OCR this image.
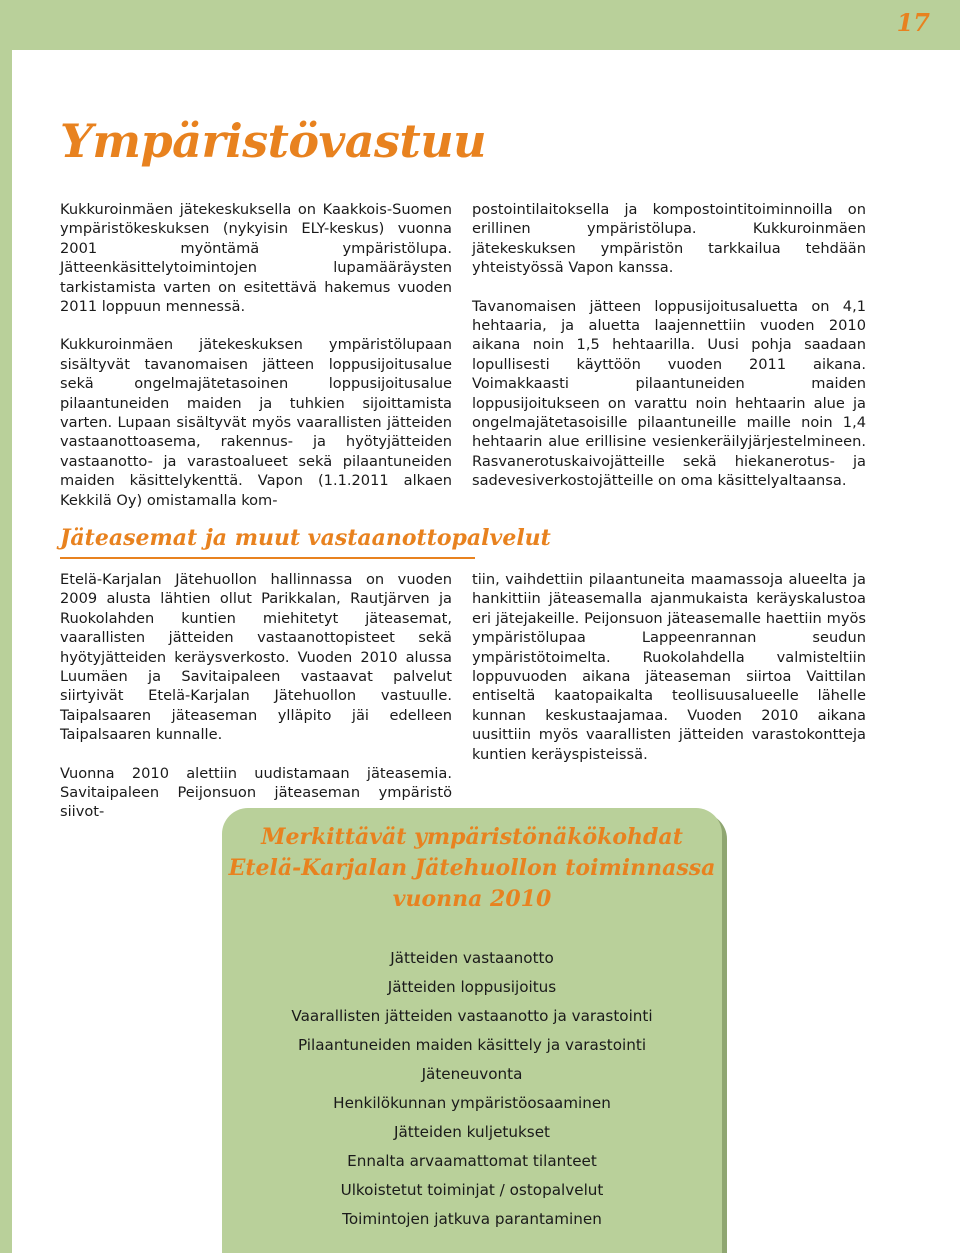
17
Ympäristövastuu

Kukkuroinmäen jätekeskuksella on Kaakkois-Suomen ympäristökeskuksen (nykyisin ELY-keskus) vuonna 2001 myöntämä ympäristölupa. Jätteenkäsittelytoimintojen lupamääräysten tarkistamista varten on esitettävä hakemus vuoden 2011 loppuun mennessä.

Kukkuroinmäen jätekeskuksen ympäristölupaan sisältyvät tavanomaisen jätteen loppusijoitusalue sekä ongelmajätetasoinen loppusijoitusalue pilaantuneiden maiden ja tuhkien sijoittamista varten. Lupaan sisältyvät myös vaarallisten jätteiden vastaanottoasema, rakennus- ja hyötyjätteiden vastaanotto- ja varastoalueet sekä pilaantuneiden maiden käsittelykenttä. Vapon (1.1.2011 alkaen Kekkilä Oy) omistamalla kom-

postointilaitoksella ja kompostointitoiminnoilla on erillinen ympäristölupa. Kukkuroinmäen jätekeskuksen ympäristön tarkkailua tehdään yhteistyössä Vapon kanssa.

Tavanomaisen jätteen loppusijoitusaluetta on 4,1 hehtaaria, ja aluetta laajennettiin vuoden 2010 aikana noin 1,5 hehtaarilla. Uusi pohja saadaan lopullisesti käyttöön vuoden 2011 aikana. Voimakkaasti pilaantuneiden maiden loppusijoitukseen on varattu noin hehtaarin alue ja ongelmajätetasoisille pilaantuneille maille noin 1,4 hehtaarin alue erillisine vesienkeräilyjärjestelmineen. Rasvanerotuskaivojätteille sekä hiekanerotus- ja sadevesiverkostojätteille on oma käsittelyaltaansa.

Jäteasemat ja muut vastaanottopalvelut

Etelä-Karjalan Jätehuollon hallinnassa on vuoden 2009 alusta lähtien ollut Parikkalan, Rautjärven ja Ruokolahden kuntien miehitetyt jäteasemat, vaarallisten jätteiden vastaanottopisteet sekä hyötyjätteiden keräysverkosto. Vuoden 2010 alussa Luumäen ja Savitaipaleen vastaavat palvelut siirtyivät Etelä-Karjalan Jätehuollon vastuulle. Taipalsaaren jäteaseman ylläpito jäi edelleen Taipalsaaren kunnalle.

Vuonna 2010 alettiin uudistamaan jäteasemia. Savitaipaleen Peijonsuon jäteaseman ympäristö siivot-

tiin, vaihdettiin pilaantuneita maamassoja alueelta ja hankittiin jäteasemalla ajanmukaista keräyskalustoa eri jätejakeille. Peijonsuon jäteasemalle haettiin myös ympäristölupaa Lappeenrannan seudun ympäristötoimelta. Ruokolahdella valmisteltiin loppuvuoden aikana jäteaseman siirtoa Vaittilan entiseltä kaatopaikalta teollisuusalueelle lähelle kunnan keskustaajamaa. Vuoden 2010 aikana uusittiin myös vaarallisten jätteiden varastokontteja kuntien keräyspisteissä.

Merkittävät ympäristönäkökohdat
Etelä-Karjalan Jätehuollon toiminnassa
vuonna 2010
Jätteiden vastaanotto
Jätteiden loppusijoitus
Vaarallisten jätteiden vastaanotto ja varastointi
Pilaantuneiden maiden käsittely ja varastointi
Jäteneuvonta
Henkilökunnan ympäristöosaaminen
Jätteiden kuljetukset
Ennalta arvaamattomat tilanteet
Ulkoistetut toiminjat / ostopalvelut
Toimintojen jatkuva parantaminen
